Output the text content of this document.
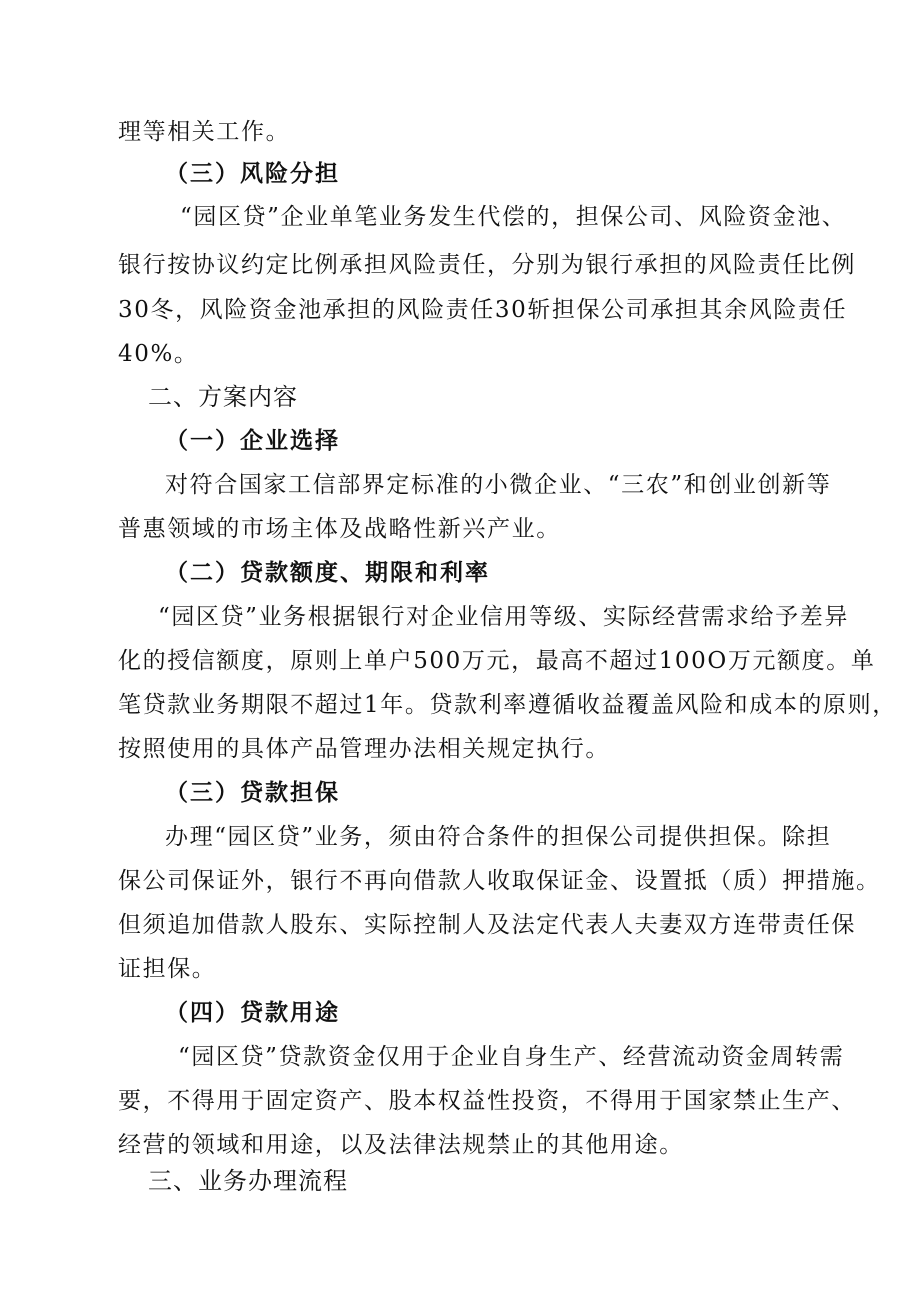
理等相关工作。
（三）风险分担
“园区贷”企业单笔业务发生代偿的，担保公司、风险资金池、
银行按协议约定比例承担风险责任，分别为银行承担的风险责任比例
30冬，风险资金池承担的风险责任30斩担保公司承担其余风险责任
40%。
二、方案内容
（一）企业选择
对符合国家工信部界定标准的小微企业、“三农”和创业创新等
普惠领域的市场主体及战略性新兴产业。
（二）贷款额度、期限和利率
“园区贷”业务根据银行对企业信用等级、实际经营需求给予差异
化的授信额度，原则上单户500万元，最高不超过100O万元额度。单
笔贷款业务期限不超过1年。贷款利率遵循收益覆盖风险和成本的原则，
按照使用的具体产品管理办法相关规定执行。
（三）贷款担保
办理“园区贷”业务，须由符合条件的担保公司提供担保。除担
保公司保证外，银行不再向借款人收取保证金、设置抵（质）押措施。
但须追加借款人股东、实际控制人及法定代表人夫妻双方连带责任保
证担保。
（四）贷款用途
“园区贷”贷款资金仅用于企业自身生产、经营流动资金周转需
要，不得用于固定资产、股本权益性投资，不得用于国家禁止生产、
经营的领域和用途，以及法律法规禁止的其他用途。
三、业务办理流程
